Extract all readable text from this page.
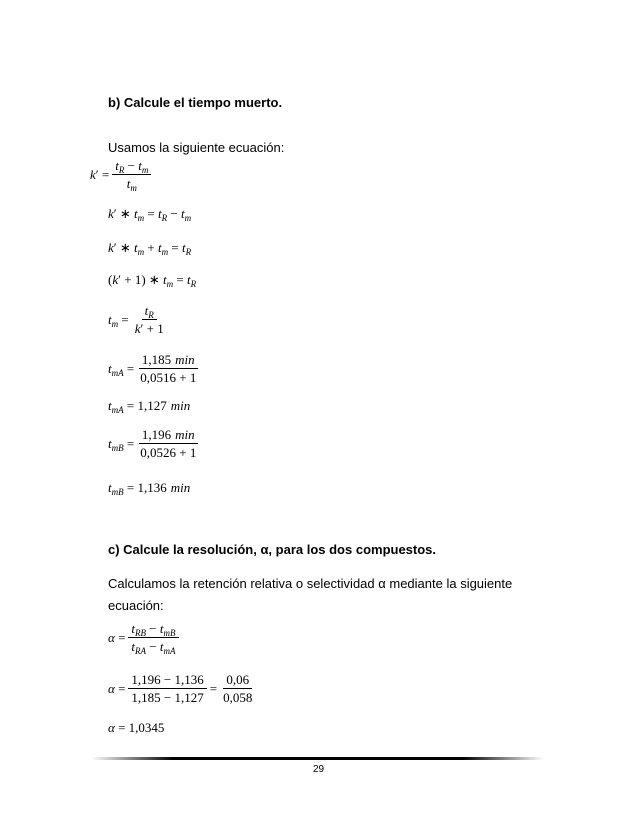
b) Calcule el tiempo muerto.
Usamos la siguiente ecuación:
$k' = \frac{t_R - t_m}{t_m}$
k′ ∗ $t_m = t_R - t_m$
k′ ∗ $t_m + t_m = t_R$
(k′ + 1) ∗ $t_m = t_R$
$t_m = \frac{t_R}{k' + 1}$
$t_{mA} = \frac{1,185 \min}{0,0516 + 1}$
$t_{mA} = 1,127$ min
$t_{mB} = \frac{1,196 \min}{0,0526 + 1}$
$t_{mB} = 1,136$ min
c) Calcule la resolución, α, para los dos compuestos.
Calculamos la retención relativa o selectividad α mediante la siguiente
ecuación:
$\alpha = \frac{t_{RB} - t_{mB}}{t_{RA} - t_{mA}}$
$\alpha = \frac{1,196 - 1,136}{1,185 - 1,127} = \frac{0,06}{0,058}$
α = 1,0345
29
